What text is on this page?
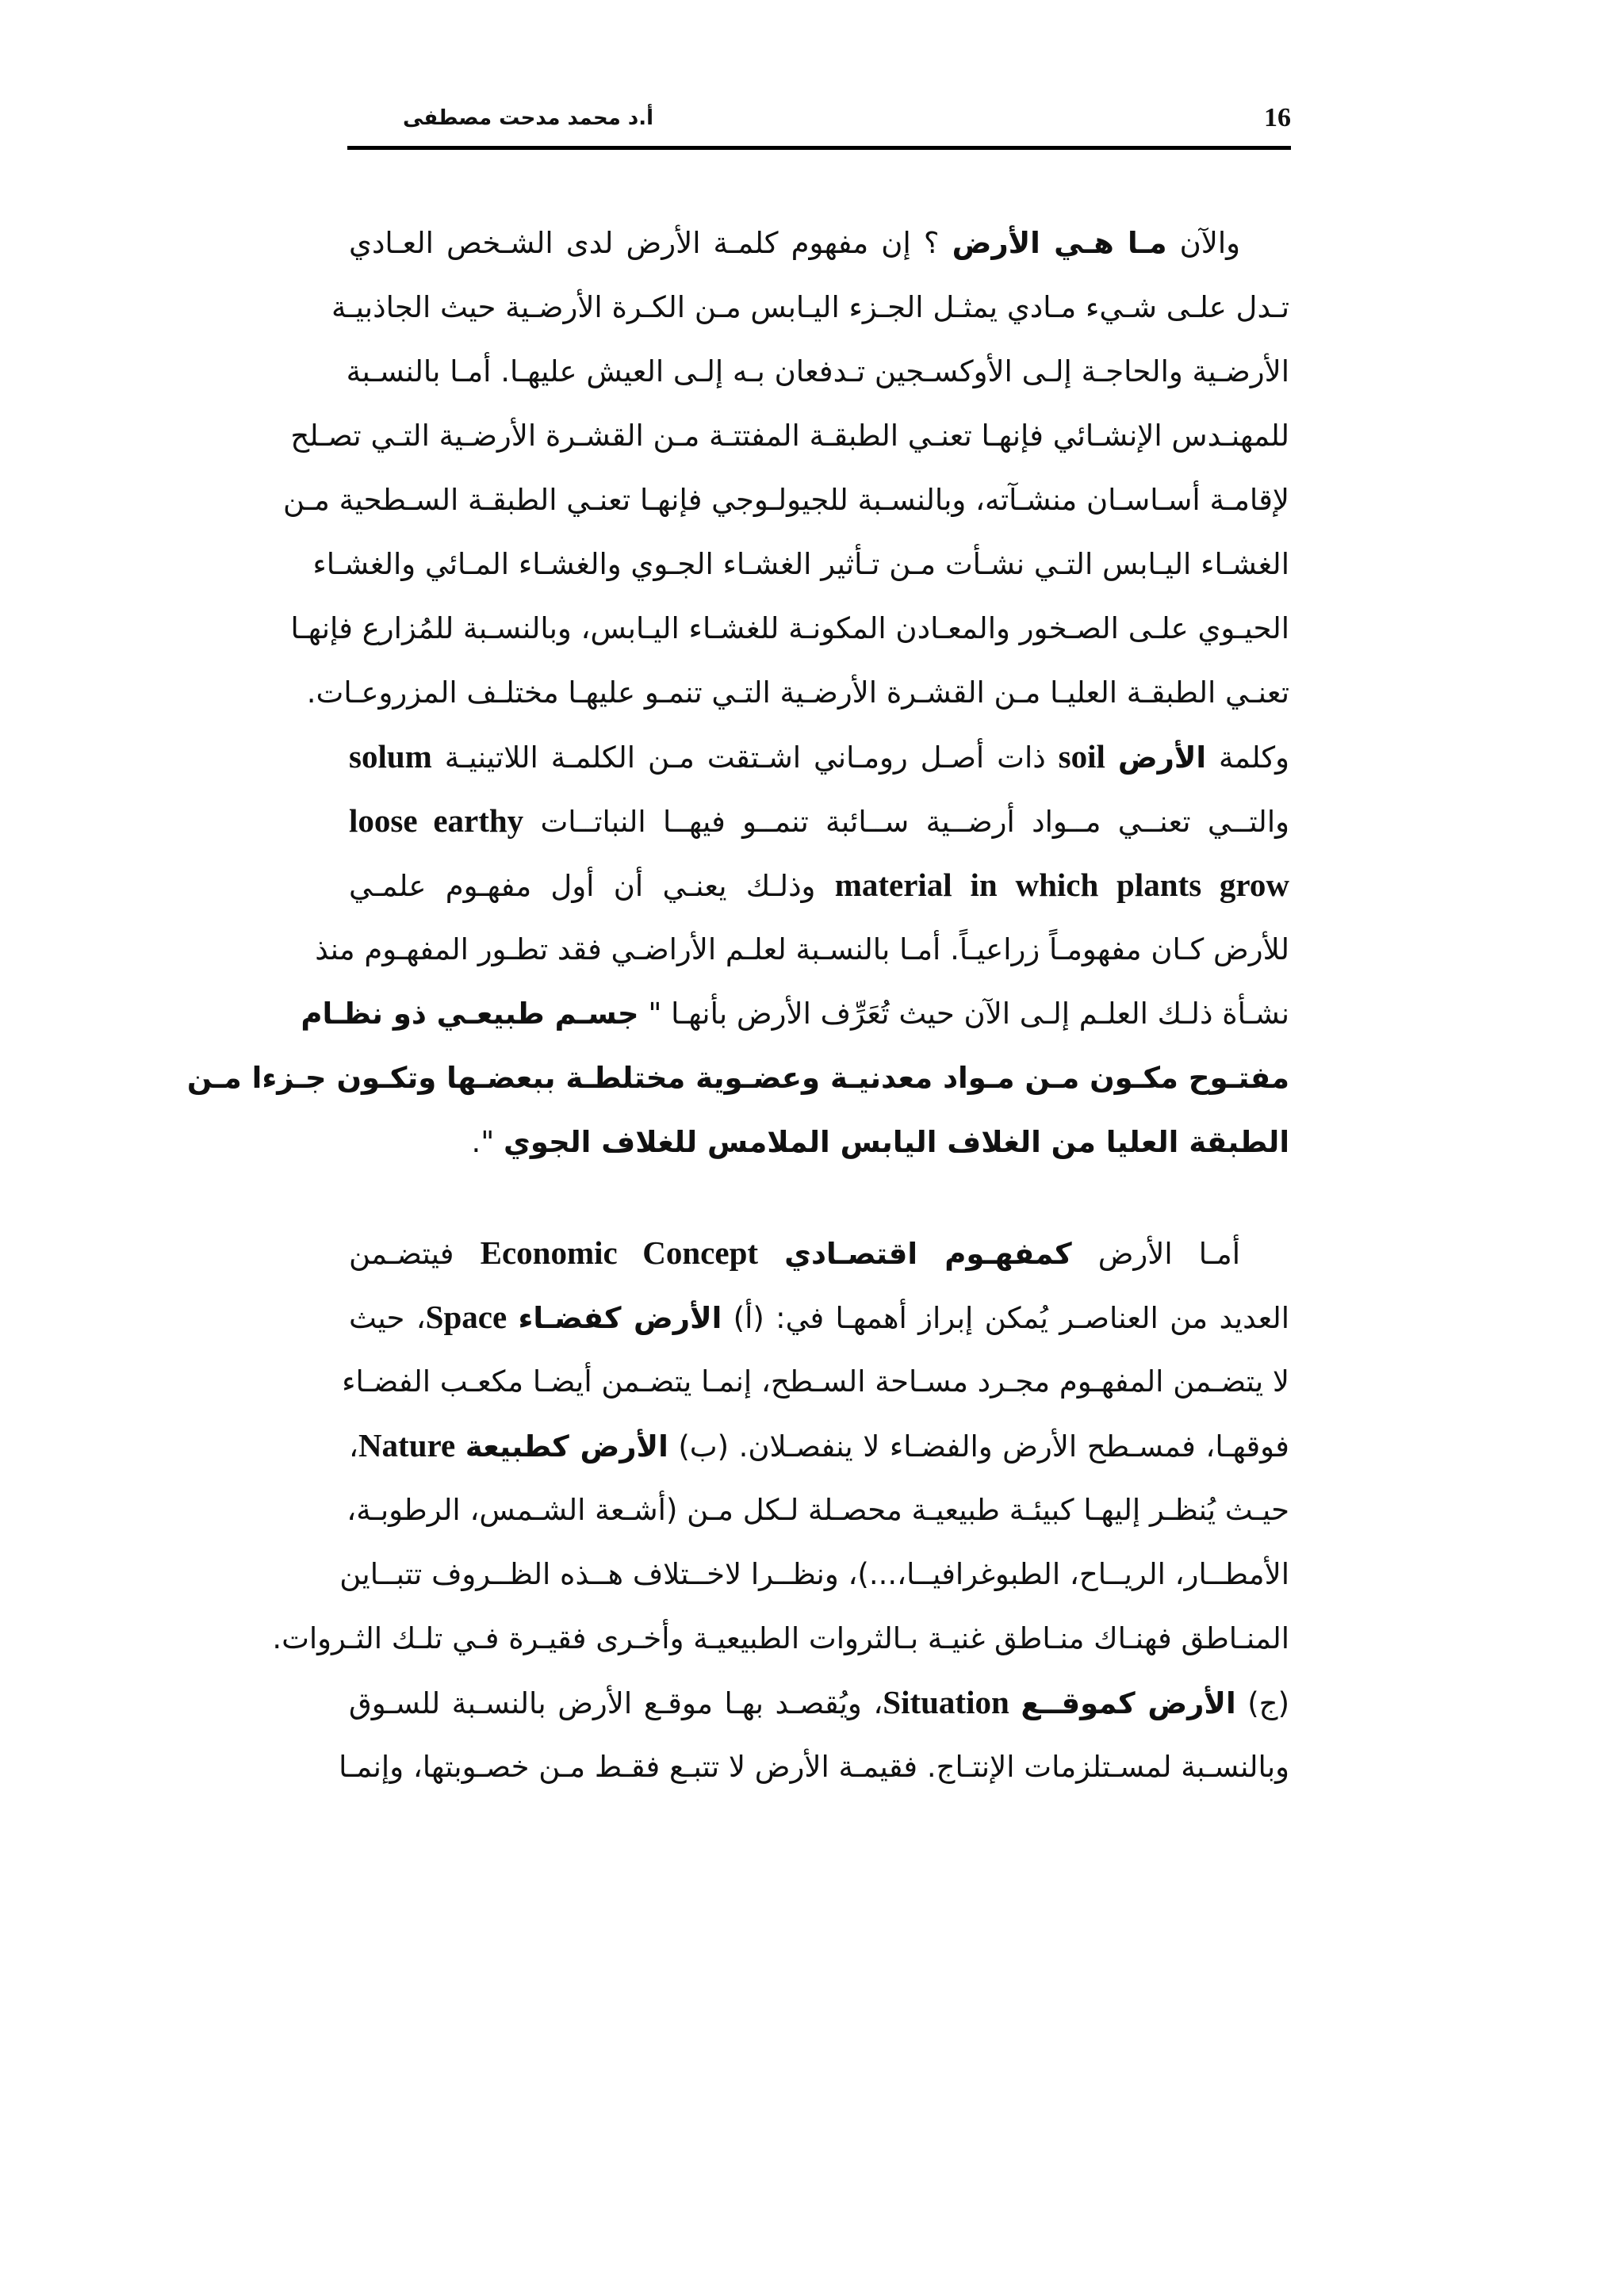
أ.د محمد مدحت مصطفى	16
والآن مـا هـي الأرض ؟ إن مفهوم كلمـة الأرض لدى الشـخص العـادي
تـدل علـى شـيء مـادي يمثـل الجـزء اليـابس مـن الكـرة الأرضـية حيث الجاذبيـة
الأرضـية والحاجـة إلـى الأوكسـجين تـدفعان بـه إلـى العيش عليهـا. أمـا بالنسـبة
للمهنـدس الإنشـائي فإنهـا تعنـي الطبقـة المفتتـة مـن القشـرة الأرضـية التـي تصـلح
لإقامـة أسـاسـان منشـآته، وبالنسـبة للجيولـوجي فإنهـا تعنـي الطبقـة السـطحية مـن
الغشـاء اليـابس التـي نشـأت مـن تـأثير الغشـاء الجـوي والغشـاء المـائي والغشـاء
الحيـوي علـى الصـخور والمعـادن المكونـة للغشـاء اليـابس، وبالنسـبة للمُزارع فإنهـا
تعنـي الطبقـة العليـا مـن القشـرة الأرضـية التـي تنمـو عليهـا مختلـف المزروعـات.
وكلمة الأرض soil ذات أصـل رومـاني اشـتقت مـن الكلمـة اللاتينيـة solum
والتــي تعنــي مــواد أرضــية ســائبة تنمــو فيهــا النباتــات loose earthy
material in which plants grow وذلـك يعنـي أن أول مفهـوم علمـي
للأرض كـان مفهومـاً زراعيـاً. أمـا بالنسـبة لعلـم الأراضـي فقد تطـور المفهـوم منذ
نشـأة ذلـك العلـم إلـى الآن حيث تُعَرِّف الأرض بأنهـا " جسـم طبيعـي ذو نظـام
مفتـوح مكـون مـن مـواد معدنيـة وعضـوية مختلطـة ببعضـها وتكـون جـزءا مـن
الطبقة العليا من الغلاف اليابس الملامس للغلاف الجوي ".
أمـا الأرض كمفهـوم اقتصـادي Economic Concept فيتضـمن
العديد من العناصـر يُمكن إبراز أهمهـا في: (أ) الأرض كفضـاء Space، حيث
لا يتضـمن المفهـوم مجـرد مسـاحة السـطح، إنمـا يتضـمن أيضـا مكعـب الفضـاء
فوقهـا، فمسـطح الأرض والفضـاء لا ينفصـلان. (ب) الأرض كطبيعة Nature،
حيـث يُنظـر إليهـا كبيئـة طبيعيـة محصـلة لـكل مـن (أشـعة الشـمس، الرطوبـة،
الأمطــار، الريــاح، الطبوغرافيــا،...)، ونظــرا لاخــتلاف هــذه الظــروف تتبــاين
المنـاطق فهنـاك منـاطق غنيـة بـالثروات الطبيعيـة وأخـرى فقيـرة فـي تلـك الثـروات.
(ج) الأرض كموقــع Situation، ويُقصـد بهـا موقـع الأرض بالنسـبة للسـوق
وبالنسـبة لمسـتلزمات الإنتـاج. فقيمـة الأرض لا تتبـع فقـط مـن خصـوبتها، وإنمـا
